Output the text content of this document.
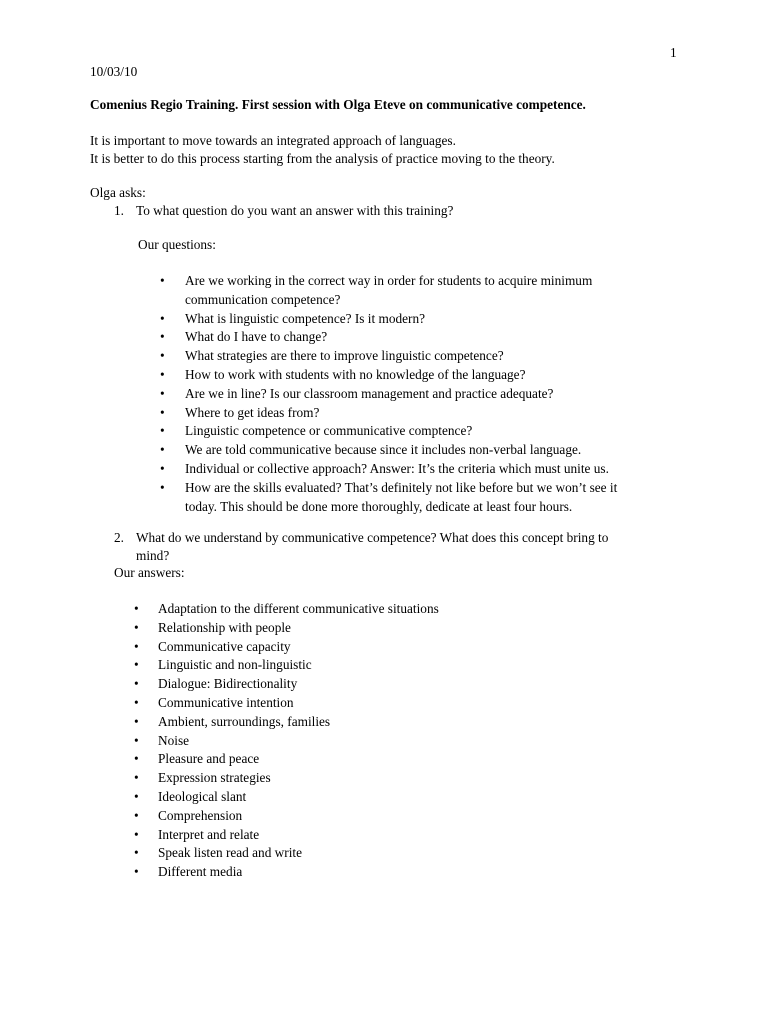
1
10/03/10
Comenius Regio Training. First session with Olga Eteve on communicative competence.
It is important to move towards an integrated approach of languages.
It is better to do this process starting from the analysis of practice moving to the theory.
Olga asks:
1. To what question do you want an answer with this training?
Our questions:
• Are we working in the correct way in order for students to acquire minimum
communication competence?
• What is linguistic competence? Is it modern?
• What do I have to change?
• What strategies are there to improve linguistic competence?
• How to work with students with no knowledge of the language?
• Are we in line? Is our classroom management and practice adequate?
• Where to get ideas from?
• Linguistic competence or communicative comptence?
• We are told communicative because since it includes non-verbal language.
• Individual or collective approach? Answer: It’s the criteria which must unite us.
• How are the skills evaluated? That’s definitely not like before but we won’t see it
today. This should be done more thoroughly, dedicate at least four hours.
2. What do we understand by communicative competence? What does this concept bring to
mind?
Our answers:
• Adaptation to the different communicative situations
• Relationship with people
• Communicative capacity
• Linguistic and non-linguistic
• Dialogue: Bidirectionality
• Communicative intention
• Ambient, surroundings, families
• Noise
• Pleasure and peace
• Expression strategies
• Ideological slant
• Comprehension
• Interpret and relate
• Speak listen read and write
• Different media
